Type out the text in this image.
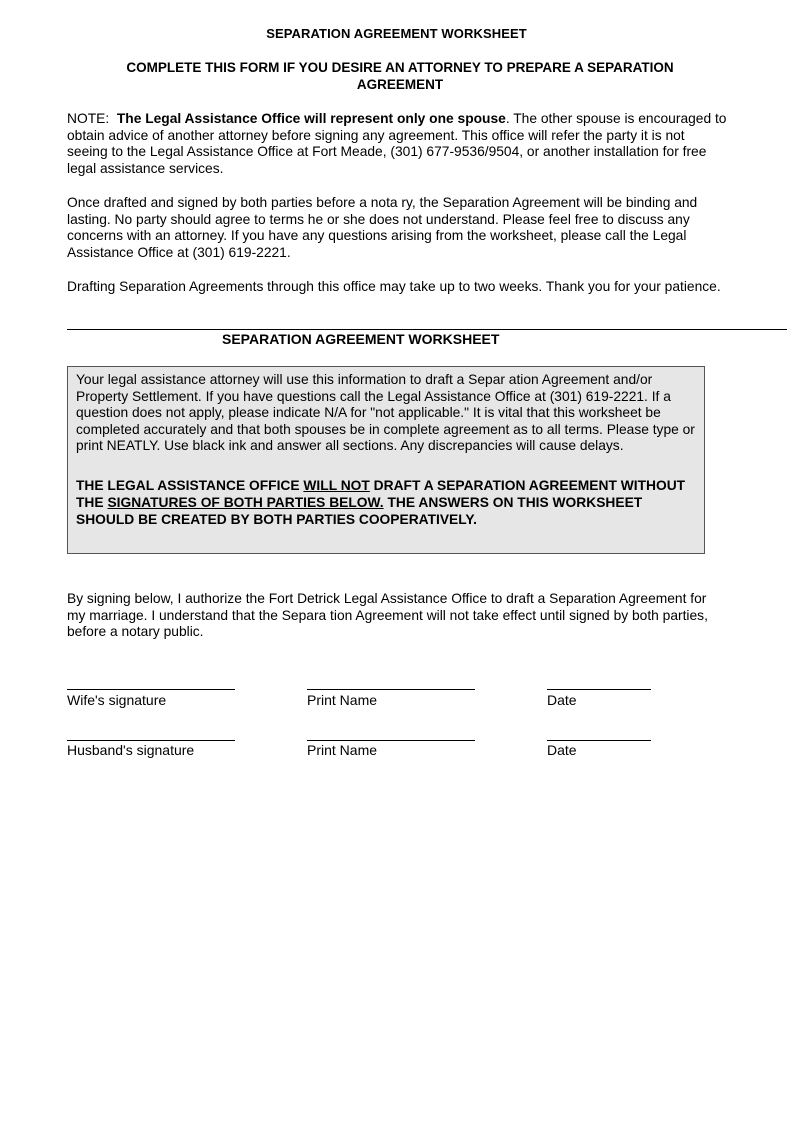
SEPARATION AGREEMENT WORKSHEET
COMPLETE THIS FORM IF YOU DESIRE AN ATTORNEY TO PREPARE A SEPARATION AGREEMENT
NOTE: The Legal Assistance Office will represent only one spouse. The other spouse is encouraged to obtain advice of another attorney before signing any agreement. This office will refer the party it is not seeing to the Legal Assistance Office at Fort Meade, (301) 677-9536/9504, or another installation for free legal assistance services.
Once drafted and signed by both parties before a nota ry, the Separation Agreement will be binding and lasting. No party should agree to terms he or she does not understand. Please feel free to discuss any concerns with an attorney. If you have any questions arising from the worksheet, please call the Legal Assistance Office at (301) 619-2221.
Drafting Separation Agreements through this office may take up to two weeks. Thank you for your patience.
SEPARATION AGREEMENT WORKSHEET

Your legal assistance attorney will use this information to draft a Separ ation Agreement and/or Property Settlement. If you have questions call the Legal Assistance Office at (301) 619-2221. If a question does not apply, please indicate N/A for "not applicable." It is vital that this worksheet be completed accurately and that both spouses be in complete agreement as to all terms. Please type or print NEATLY. Use black ink and answer all sections. Any discrepancies will cause delays.

THE LEGAL ASSISTANCE OFFICE WILL NOT DRAFT A SEPARATION AGREEMENT WITHOUT THE SIGNATURES OF BOTH PARTIES BELOW. THE ANSWERS ON THIS WORKSHEET SHOULD BE CREATED BY BOTH PARTIES COOPERATIVELY.

By signing below, I authorize the Fort Detrick Legal Assistance Office to draft a Separation Agreement for my marriage. I understand that the Separa tion Agreement will not take effect until signed by both parties, before a notary public.
Wife's signature	Print Name	Date
Husband's signature	Print Name	Date
